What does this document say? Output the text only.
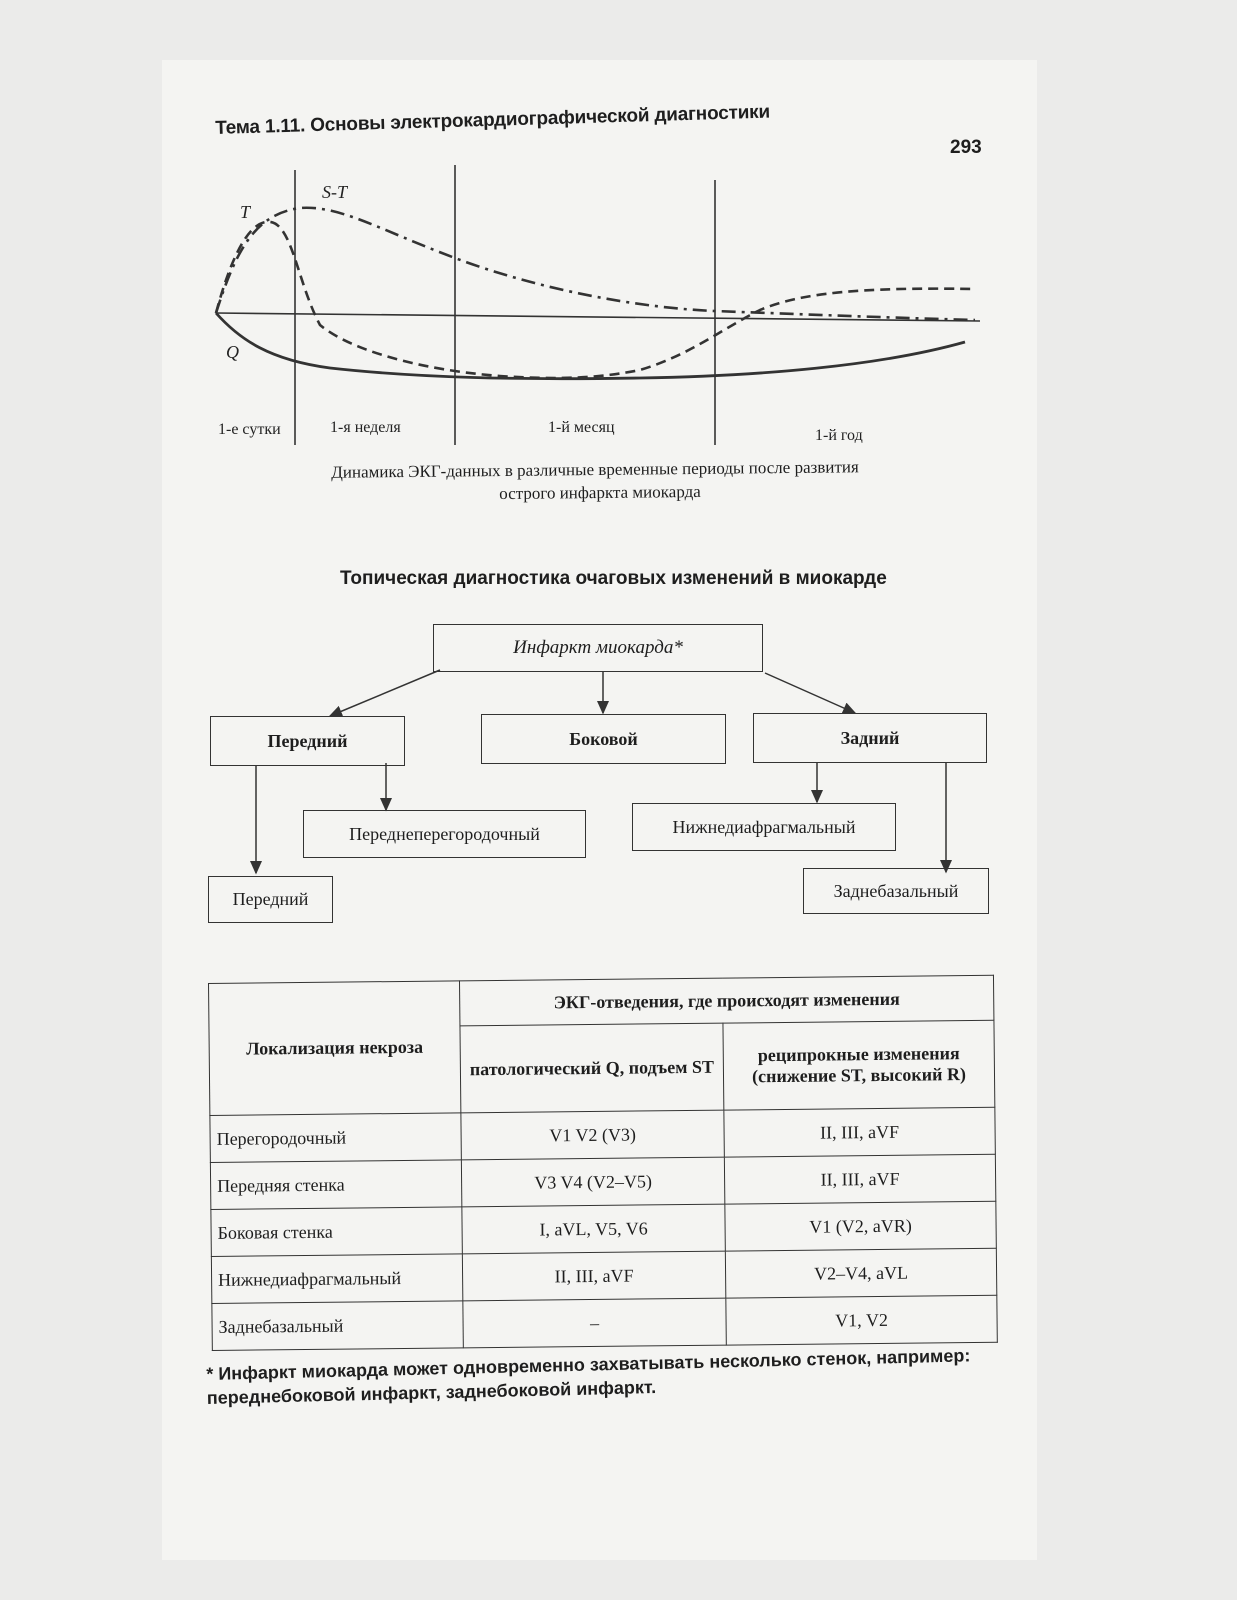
Тема 1.11. Основы электрокардиографической диагностики
293
T
S-T
Q
1-е сутки	1-я неделя	1-й месяц	1-й год
Динамика ЭКГ-данных в различные временные периоды после развития
острого инфаркта миокарда
Топическая диагностика очаговых изменений в миокарде
Инфаркт миокарда*
Передний	Боковой	Задний
Переднеперегородочный	Нижнедиафрагмальный
Передний	Заднебазальный
Локализация некроза	ЭКГ-отведения, где происходят изменения	
	патологический Q, подъем ST	реципрокные изменения (снижение ST, высокий R)
Перегородочный	V1 V2 (V3)	II, III, aVF
Передняя стенка	V3 V4 (V2–V5)	II, III, aVF
Боковая стенка	I, aVL, V5, V6	V1 (V2, aVR)
Нижнедиафрагмальный	II, III, aVF	V2–V4, aVL
Заднебазальный	–	V1, V2
* Инфаркт миокарда может одновременно захватывать несколько стенок, например: переднебоковой инфаркт, заднебоковой инфаркт.
